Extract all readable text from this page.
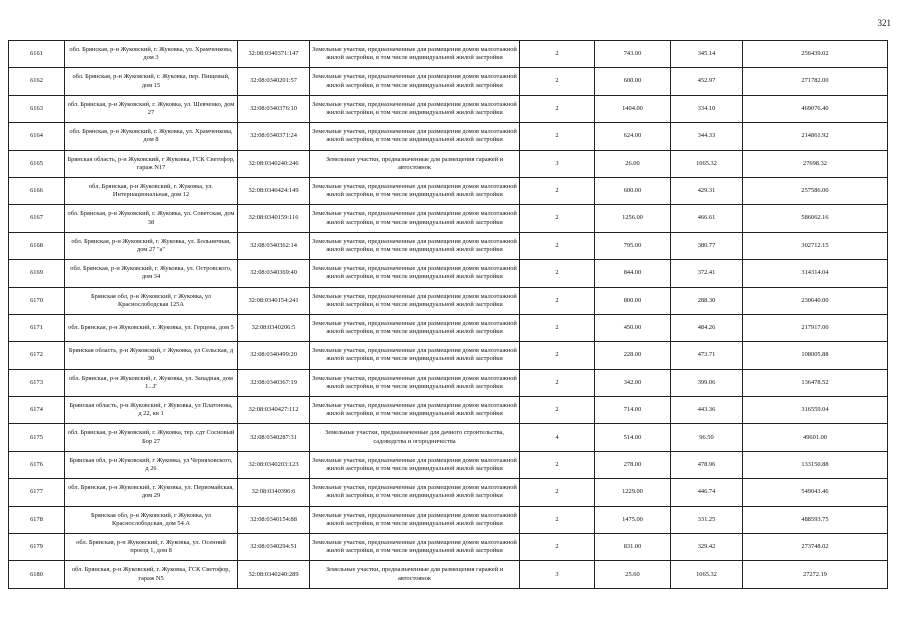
321
6161	обл. Брянская, р-н Жуковский, г. Жуковка, ул. Храмченкова, дом 3	32:08:0340371:147	Земельные участки, предназначенные для размещения домов малоэтажной жилой застройки, в том числе индивидуальной жилой застройки	2	743.00	345.14	256439.02
6162	обл. Брянская, р-н Жуковский, г. Жуковка, пер. Пищевый, дом 15	32:08:0340201:57	Земельные участки, предназначенные для размещения домов малоэтажной жилой застройки, в том числе индивидуальной жилой застройки	2	600.00	452.97	271782.00
6163	обл. Брянская, р-н Жуковский, г. Жуковка, ул. Шевченко, дом 27	32:08:0340376:10	Земельные участки, предназначенные для размещения домов малоэтажной жилой застройки, в том числе индивидуальной жилой застройки	2	1404.00	334.10	469076.40
6164	обл. Брянская, р-н Жуковский, г. Жуковка, ул. Храмченкова, дом 8	32:08:0340371:24	Земельные участки, предназначенные для размещения домов малоэтажной жилой застройки, в том числе индивидуальной жилой застройки	2	624.00	344.33	214861.92
6165	Брянская область, р-н Жуковский, г Жуковка, ГСК Светофор, гараж N17	32:08:0340240:246	Земельные участки, предназначенные для размещения гаражей и автостоянок	3	26.00	1065.32	27698.32
6166	обл. Брянская, р-н Жуковский, г. Жуковка, ул. Интернациональная, дом 12	32:08:0340424:149	Земельные участки, предназначенные для размещения домов малоэтажной жилой застройки, в том числе индивидуальной жилой застройки	2	600.00	429.31	257586.00
6167	обл. Брянская, р-н Жуковский, г. Жуковка, ул. Советская, дом 38	32:08:0340159:116	Земельные участки, предназначенные для размещения домов малоэтажной жилой застройки, в том числе индивидуальной жилой застройки	2	1256.00	466.61	586062.16
6168	обл. Брянская, р-н Жуковский, г. Жуковка, ул. Больничная, дом 27 "а"	32:08:0340362:14	Земельные участки, предназначенные для размещения домов малоэтажной жилой застройки, в том числе индивидуальной жилой застройки	2	795.00	380.77	302712.15
6169	обл. Брянская, р-н Жуковский, г. Жуковка, ул. Островского, дом 34	32:08:0340369:40	Земельные участки, предназначенные для размещения домов малоэтажной жилой застройки, в том числе индивидуальной жилой застройки	2	844.00	372.41	314314.04
6170	Брянская обл, р-н Жуковский, г Жуковка, ул Краснослободская 125А	32:08:0340154:241	Земельные участки, предназначенные для размещения домов малоэтажной жилой застройки, в том числе индивидуальной жилой застройки	2	800.00	288.30	230640.00
6171	обл. Брянская, р-н Жуковский, г. Жуковка, ул. Герцена, дом 5	32:08:0340206:5	Земельные участки, предназначенные для размещения домов малоэтажной жилой застройки, в том числе индивидуальной жилой застройки	2	450.00	484.26	217917.00
6172	Брянская область, р-н Жуковский, г Жуковка, ул Сельская, д 30	32:08:0340499:20	Земельные участки, предназначенные для размещения домов малоэтажной жилой застройки, в том числе индивидуальной жилой застройки	2	228.00	473.71	108005.88
6173	обл. Брянская, р-н Жуковский, г. Жуковка, ул. Западная, дом 1...Г	32:08:0340367:19	Земельные участки, предназначенные для размещения домов малоэтажной жилой застройки, в том числе индивидуальной жилой застройки	2	342.00	399.06	136478.52
6174	Брянская область, р-н Жуковский, г Жуковка, ул Платонова, д 22, кв 1	32:08:0340427:112	Земельные участки, предназначенные для размещения домов малоэтажной жилой застройки, в том числе индивидуальной жилой застройки	2	714.00	443.36	316559.04
6175	обл. Брянская, р-н Жуковский, г. Жуковка, тер. сдт Сосновый Бор 27	32:08:0340287:31	Земельные участки, предназначенные для дачного строительства, садоводства и огородничества	4	514.00	96.50	49601.00
6176	Брянская обл, р-н Жуковский, г Жуковка, ул Черняховского, д 26	32:08:0340203:123	Земельные участки, предназначенные для размещения домов малоэтажной жилой застройки, в том числе индивидуальной жилой застройки	2	278.00	478.96	133150.88
6177	обл. Брянская, р-н Жуковский, г. Жуковка, ул. Первомайская, дом 29	32:08:0340396:6	Земельные участки, предназначенные для размещения домов малоэтажной жилой застройки, в том числе индивидуальной жилой застройки	2	1229.00	446.74	549043.46
6178	Брянская обл, р-н Жуковский, г Жуковка, ул Краснослободская, дом 54 А	32:08:0340154:88	Земельные участки, предназначенные для размещения домов малоэтажной жилой застройки, в том числе индивидуальной жилой застройки	2	1475.00	331.25	488593.75
6179	обл. Брянская, р-н Жуковский, г. Жуковка, ул. Осенний проезд 1, дом 8	32:08:0340294:51	Земельные участки, предназначенные для размещения домов малоэтажной жилой застройки, в том числе индивидуальной жилой застройки	2	831.00	329.42	273748.02
6180	обл. Брянская, р-н Жуковский, г. Жуковка, ГСК Светофор, гараж N5	32:08:0340240:289	Земельные участки, предназначенные для размещения гаражей и автостоянок	3	25.60	1065.32	27272.19
